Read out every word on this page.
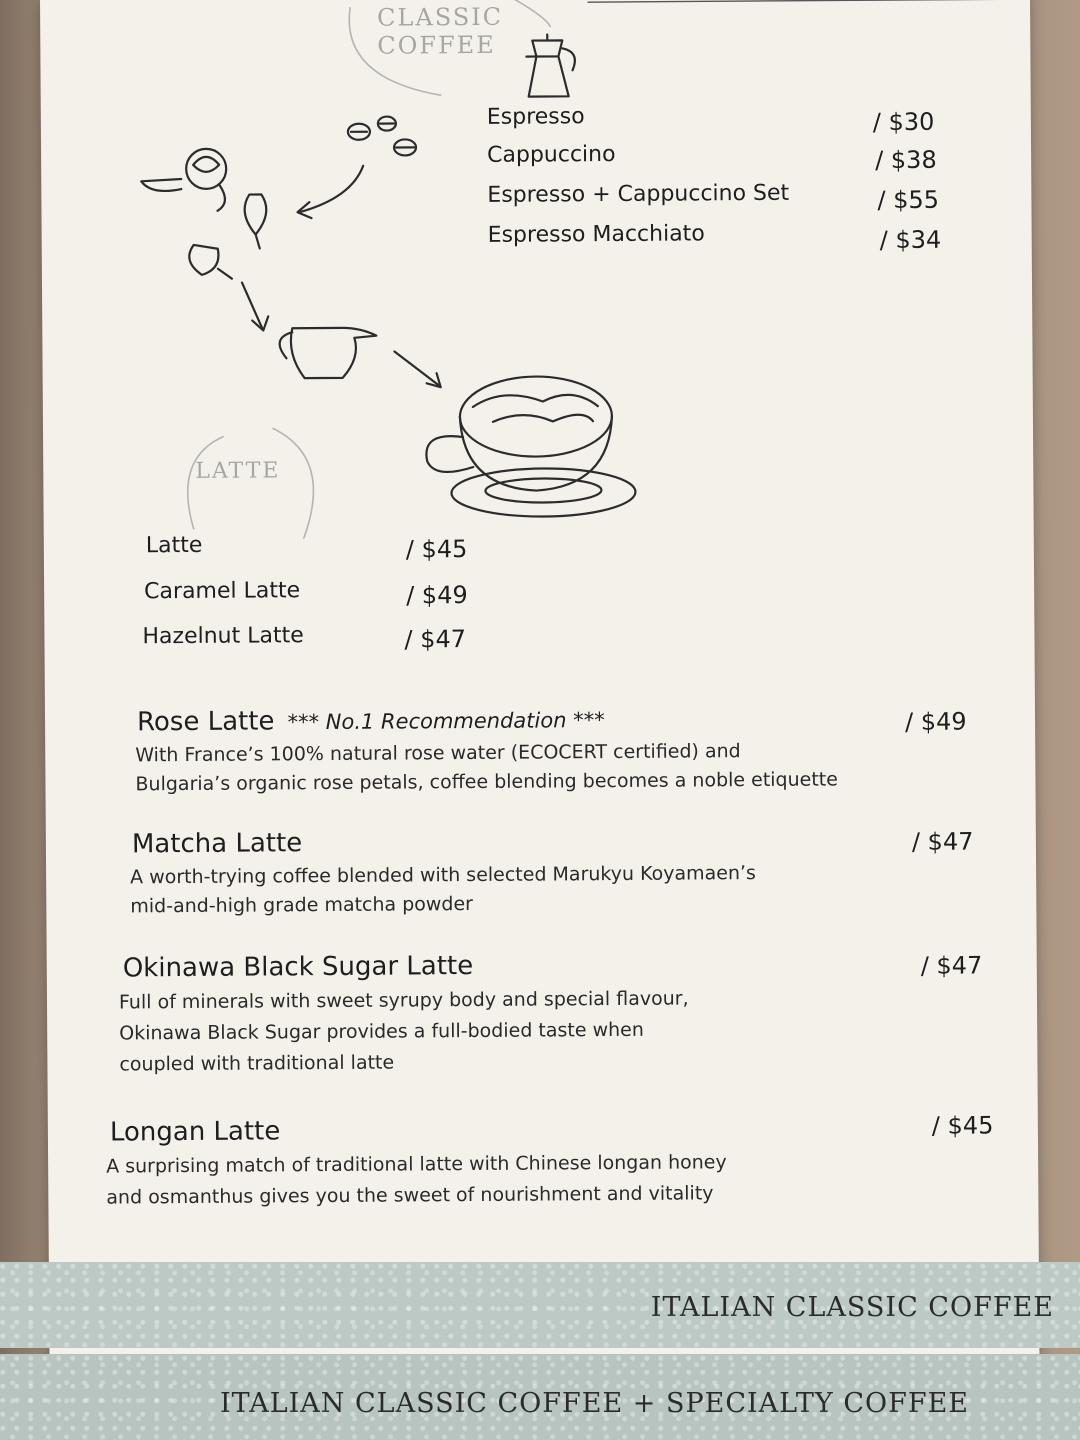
CLASSIC
COFFEE
LATTE
Espresso	/ $30
Cappuccino	/ $38
Espresso + Cappuccino Set	/ $55
Espresso Macchiato	/ $34
Latte	/ $45
Caramel Latte	/ $49
Hazelnut Latte	/ $47
Rose Latte *** No.1 Recommendation ***	/ $49
With France’s 100% natural rose water (ECOCERT certified) and
Bulgaria’s organic rose petals, coffee blending becomes a noble etiquette
Matcha Latte	/ $47
A worth-trying coffee blended with selected Marukyu Koyamaen’s
mid-and-high grade matcha powder
Okinawa Black Sugar Latte	/ $47
Full of minerals with sweet syrupy body and special flavour,
Okinawa Black Sugar provides a full-bodied taste when
coupled with traditional latte
Longan Latte	/ $45
A surprising match of traditional latte with Chinese longan honey
and osmanthus gives you the sweet of nourishment and vitality
ITALIAN CLASSIC COFFEE
ITALIAN CLASSIC COFFEE + SPECIALTY COFFEE
